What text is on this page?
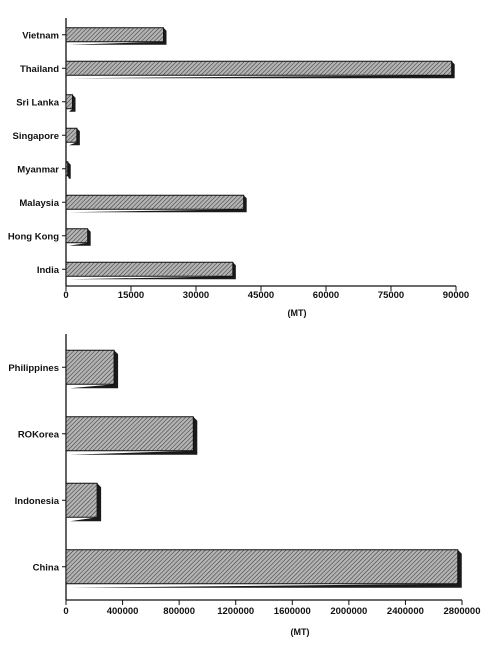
Vietnam
Thailand
Sri Lanka
Singapore
Myanmar
Malaysia
Hong Kong
India
0	15000	30000	45000	60000	75000	90000
(MT)
Philippines
ROKorea
Indonesia
China
0	400000	800000 1200000 1600000 2000000 2400000 2800000
(MT)
